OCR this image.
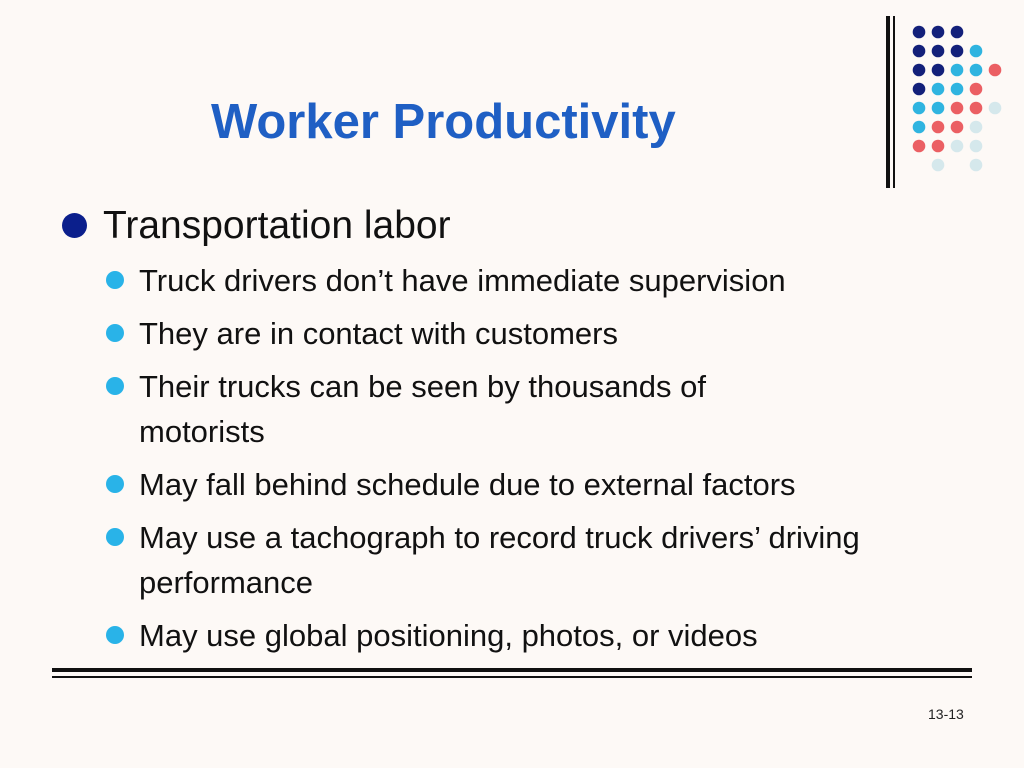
Worker Productivity
Transportation labor
Truck drivers don’t have immediate supervision
They are in contact with customers
Their trucks can be seen by thousands of motorists
May fall behind schedule due to external factors
May use a tachograph to record truck drivers’ driving performance
May use global positioning, photos, or videos
13-13
